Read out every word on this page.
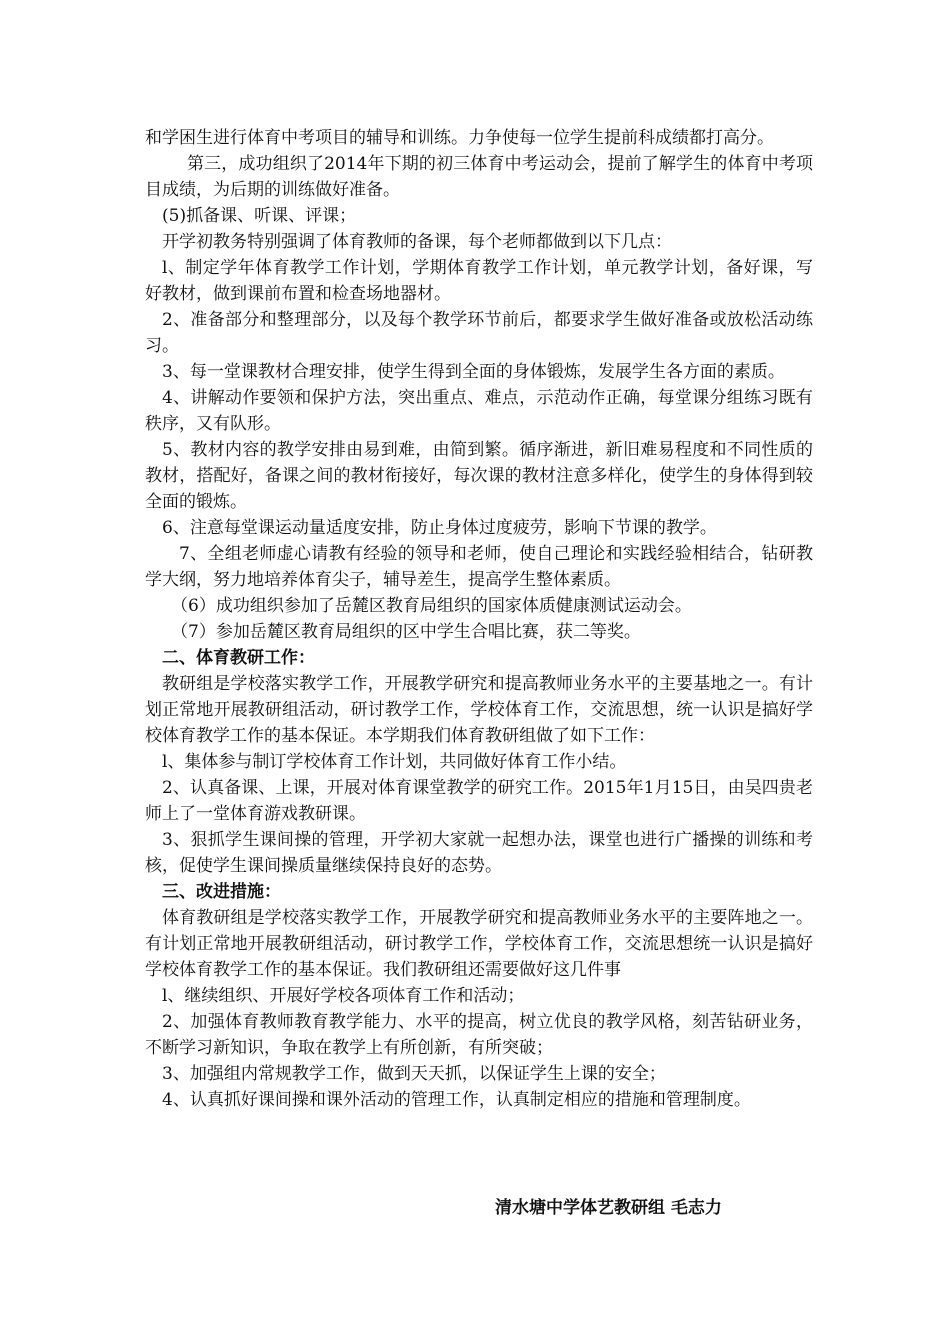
和学困生进行体育中考项目的辅导和训练。力争使每一位学生提前科成绩都打高分。

第三，成功组织了2014年下期的初三体育中考运动会，提前了解学生的体育中考项目成绩，为后期的训练做好准备。

(5)抓备课、听课、评课；

开学初教务特别强调了体育教师的备课，每个老师都做到以下几点：

l、制定学年体育教学工作计划，学期体育教学工作计划，单元教学计划，备好课，写好教材，做到课前布置和检查场地器材。

2、准备部分和整理部分，以及每个教学环节前后，都要求学生做好准备或放松活动练习。

3、每一堂课教材合理安排，使学生得到全面的身体锻炼，发展学生各方面的素质。

4、讲解动作要领和保护方法，突出重点、难点，示范动作正确，每堂课分组练习既有秩序，又有队形。

5、教材内容的教学安排由易到难，由简到繁。循序渐进，新旧难易程度和不同性质的教材，搭配好，备课之间的教材衔接好，每次课的教材注意多样化，使学生的身体得到较全面的锻炼。

6、注意每堂课运动量适度安排，防止身体过度疲劳，影响下节课的教学。

7、全组老师虚心请教有经验的领导和老师，使自己理论和实践经验相结合，钻研教学大纲，努力地培养体育尖子，辅导差生，提高学生整体素质。

（6）成功组织参加了岳麓区教育局组织的国家体质健康测试运动会。

（7）参加岳麓区教育局组织的区中学生合唱比赛，获二等奖。

二、体育教研工作：

教研组是学校落实教学工作，开展教学研究和提高教师业务水平的主要基地之一。有计划正常地开展教研组活动，研讨教学工作，学校体育工作，交流思想，统一认识是搞好学校体育教学工作的基本保证。本学期我们体育教研组做了如下工作：

l、集体参与制订学校体育工作计划，共同做好体育工作小结。

2、认真备课、上课，开展对体育课堂教学的研究工作。2015年1月15日，由吴四贵老师上了一堂体育游戏教研课。

3、狠抓学生课间操的管理，开学初大家就一起想办法，课堂也进行广播操的训练和考核，促使学生课间操质量继续保持良好的态势。

三、改进措施：

体育教研组是学校落实教学工作，开展教学研究和提高教师业务水平的主要阵地之一。有计划正常地开展教研组活动，研讨教学工作，学校体育工作，交流思想统一认识是搞好学校体育教学工作的基本保证。我们教研组还需要做好这几件事

l、继续组织、开展好学校各项体育工作和活动；

2、加强体育教师教育教学能力、水平的提高，树立优良的教学风格，刻苦钻研业务，不断学习新知识，争取在教学上有所创新，有所突破；

3、加强组内常规教学工作，做到天天抓，以保证学生上课的安全；

4、认真抓好课间操和课外活动的管理工作，认真制定相应的措施和管理制度。

清水塘中学体艺教研组 毛志力
